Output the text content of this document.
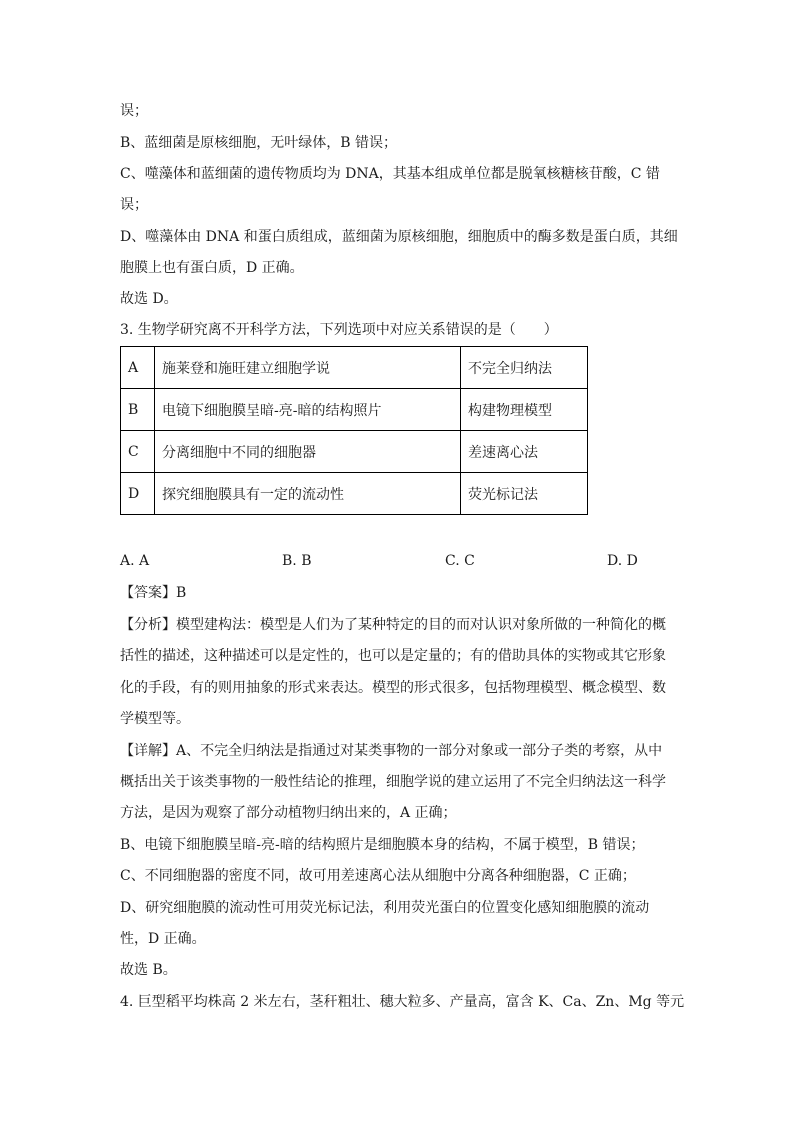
误；
B、蓝细菌是原核细胞，无叶绿体，B 错误；
C、噬藻体和蓝细菌的遗传物质均为 DNA，其基本组成单位都是脱氧核糖核苷酸，C 错
误；
D、噬藻体由 DNA 和蛋白质组成，蓝细菌为原核细胞，细胞质中的酶多数是蛋白质，其细
胞膜上也有蛋白质，D 正确。
故选 D。
3. 生物学研究离不开科学方法，下列选项中对应关系错误的是（　　）
A	施莱登和施旺建立细胞学说	不完全归纳法
B	电镜下细胞膜呈暗-亮-暗的结构照片	构建物理模型
C	分离细胞中不同的细胞器	差速离心法
D	探究细胞膜具有一定的流动性	荧光标记法
A. A	B. B	C. C	D. D
【答案】B
【分析】模型建构法：模型是人们为了某种特定的目的而对认识对象所做的一种简化的概
括性的描述，这种描述可以是定性的，也可以是定量的；有的借助具体的实物或其它形象
化的手段，有的则用抽象的形式来表达。模型的形式很多，包括物理模型、概念模型、数
学模型等。
【详解】A、不完全归纳法是指通过对某类事物的一部分对象或一部分子类的考察，从中
概括出关于该类事物的一般性结论的推理，细胞学说的建立运用了不完全归纳法这一科学
方法，是因为观察了部分动植物归纳出来的，A 正确；
B、电镜下细胞膜呈暗-亮-暗的结构照片是细胞膜本身的结构，不属于模型，B 错误；
C、不同细胞器的密度不同，故可用差速离心法从细胞中分离各种细胞器，C 正确；
D、研究细胞膜的流动性可用荧光标记法，利用荧光蛋白的位置变化感知细胞膜的流动
性，D 正确。
故选 B。
4. 巨型稻平均株高 2 米左右，茎秆粗壮、穗大粒多、产量高，富含 K、Ca、Zn、Mg 等元
